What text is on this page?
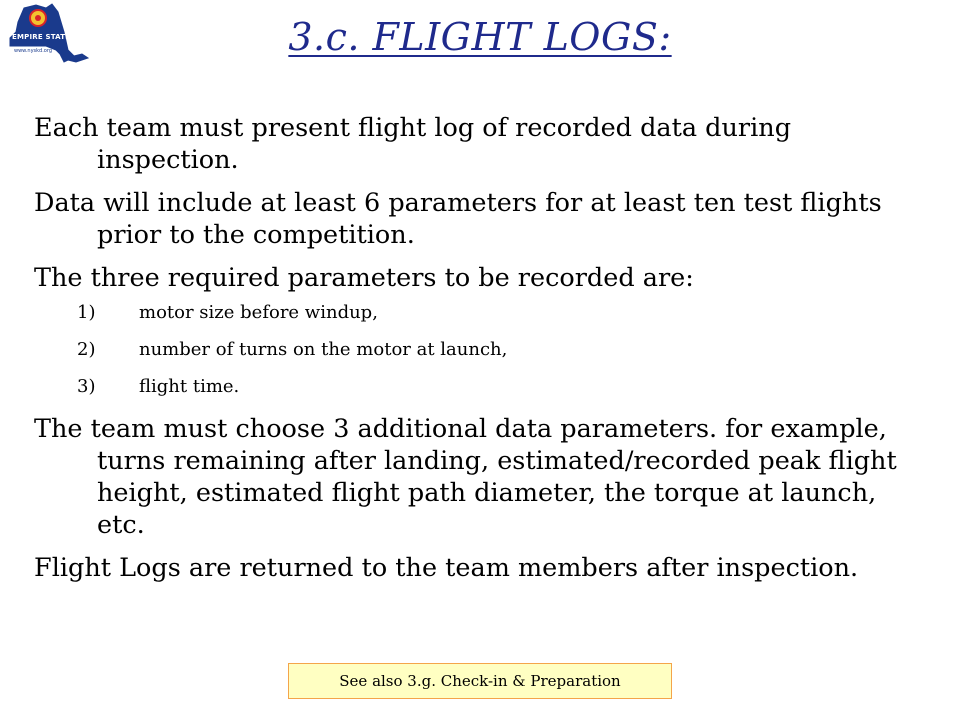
EMPIRE STATE
www.nyskd.org	3.c. FLIGHT LOGS:

Each team must present flight log of recorded data during inspection.

Data will include at least 6 parameters for at least ten test flights prior to the competition.

The three required parameters to be recorded are:

1) motor size before windup,
2) number of turns on the motor at launch,
3) flight time.

The team must choose 3 additional data parameters. for example, turns remaining after landing, estimated/recorded peak flight height, estimated flight path diameter, the torque at launch, etc.

Flight Logs are returned to the team members after inspection.

See also 3.g. Check-in & Preparation
